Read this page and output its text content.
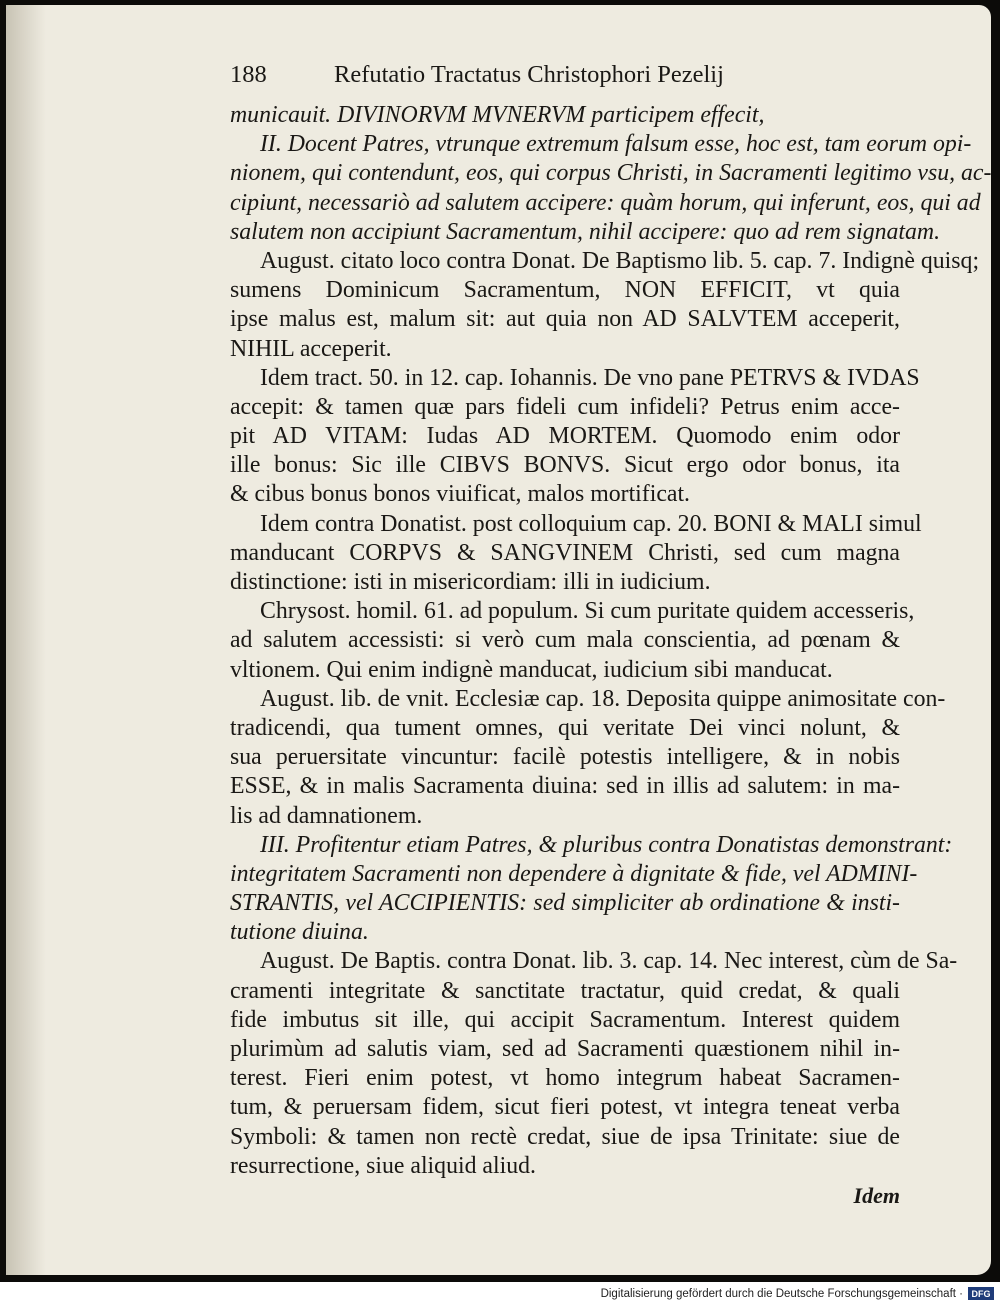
188	Refutatio Tractatus Christophori Pezelij
municauit. DIVINORVM MVNERVM participem effecit,
II. Docent Patres, vtrunque extremum falsum esse, hoc est, tam eorum opi-
nionem, qui contendunt, eos, qui corpus Christi, in Sacramenti legitimo vsu, ac-
cipiunt, necessariò ad salutem accipere: quàm horum, qui inferunt, eos, qui ad
salutem non accipiunt Sacramentum, nihil accipere: quo ad rem signatam.
August. citato loco contra Donat. De Baptismo lib. 5. cap. 7. Indignè quisq;
sumens Dominicum Sacramentum, NON EFFICIT, vt quia
ipse malus est, malum sit: aut quia non AD SALVTEM acceperit,
NIHIL acceperit.
Idem tract. 50. in 12. cap. Iohannis. De vno pane PETRVS & IVDAS
accepit: & tamen quæ pars fideli cum infideli? Petrus enim acce-
pit AD VITAM: Iudas AD MORTEM. Quomodo enim odor
ille bonus: Sic ille CIBVS BONVS. Sicut ergo odor bonus, ita
& cibus bonus bonos viuificat, malos mortificat.
Idem contra Donatist. post colloquium cap. 20. BONI & MALI simul
manducant CORPVS & SANGVINEM Christi, sed cum magna
distinctione: isti in misericordiam: illi in iudicium.
Chrysost. homil. 61. ad populum. Si cum puritate quidem accesseris,
ad salutem accessisti: si verò cum mala conscientia, ad pœnam &
vltionem. Qui enim indignè manducat, iudicium sibi manducat.
August. lib. de vnit. Ecclesiæ cap. 18. Deposita quippe animositate con-
tradicendi, qua tument omnes, qui veritate Dei vinci nolunt, &
sua peruersitate vincuntur: facilè potestis intelligere, & in nobis
ESSE, & in malis Sacramenta diuina: sed in illis ad salutem: in ma-
lis ad damnationem.
III. Profitentur etiam Patres, & pluribus contra Donatistas demonstrant:
integritatem Sacramenti non dependere à dignitate & fide, vel ADMINI-
STRANTIS, vel ACCIPIENTIS: sed simpliciter ab ordinatione & insti-
tutione diuina.
August. De Baptis. contra Donat. lib. 3. cap. 14. Nec interest, cùm de Sa-
cramenti integritate & sanctitate tractatur, quid credat, & quali
fide imbutus sit ille, qui accipit Sacramentum. Interest quidem
plurimùm ad salutis viam, sed ad Sacramenti quæstionem nihil in-
terest. Fieri enim potest, vt homo integrum habeat Sacramen-
tum, & peruersam fidem, sicut fieri potest, vt integra teneat verba
Symboli: & tamen non rectè credat, siue de ipsa Trinitate: siue de
resurrectione, siue aliquid aliud.
Idem
Digitalisierung gefördert durch die Deutsche Forschungsgemeinschaft · DFG
